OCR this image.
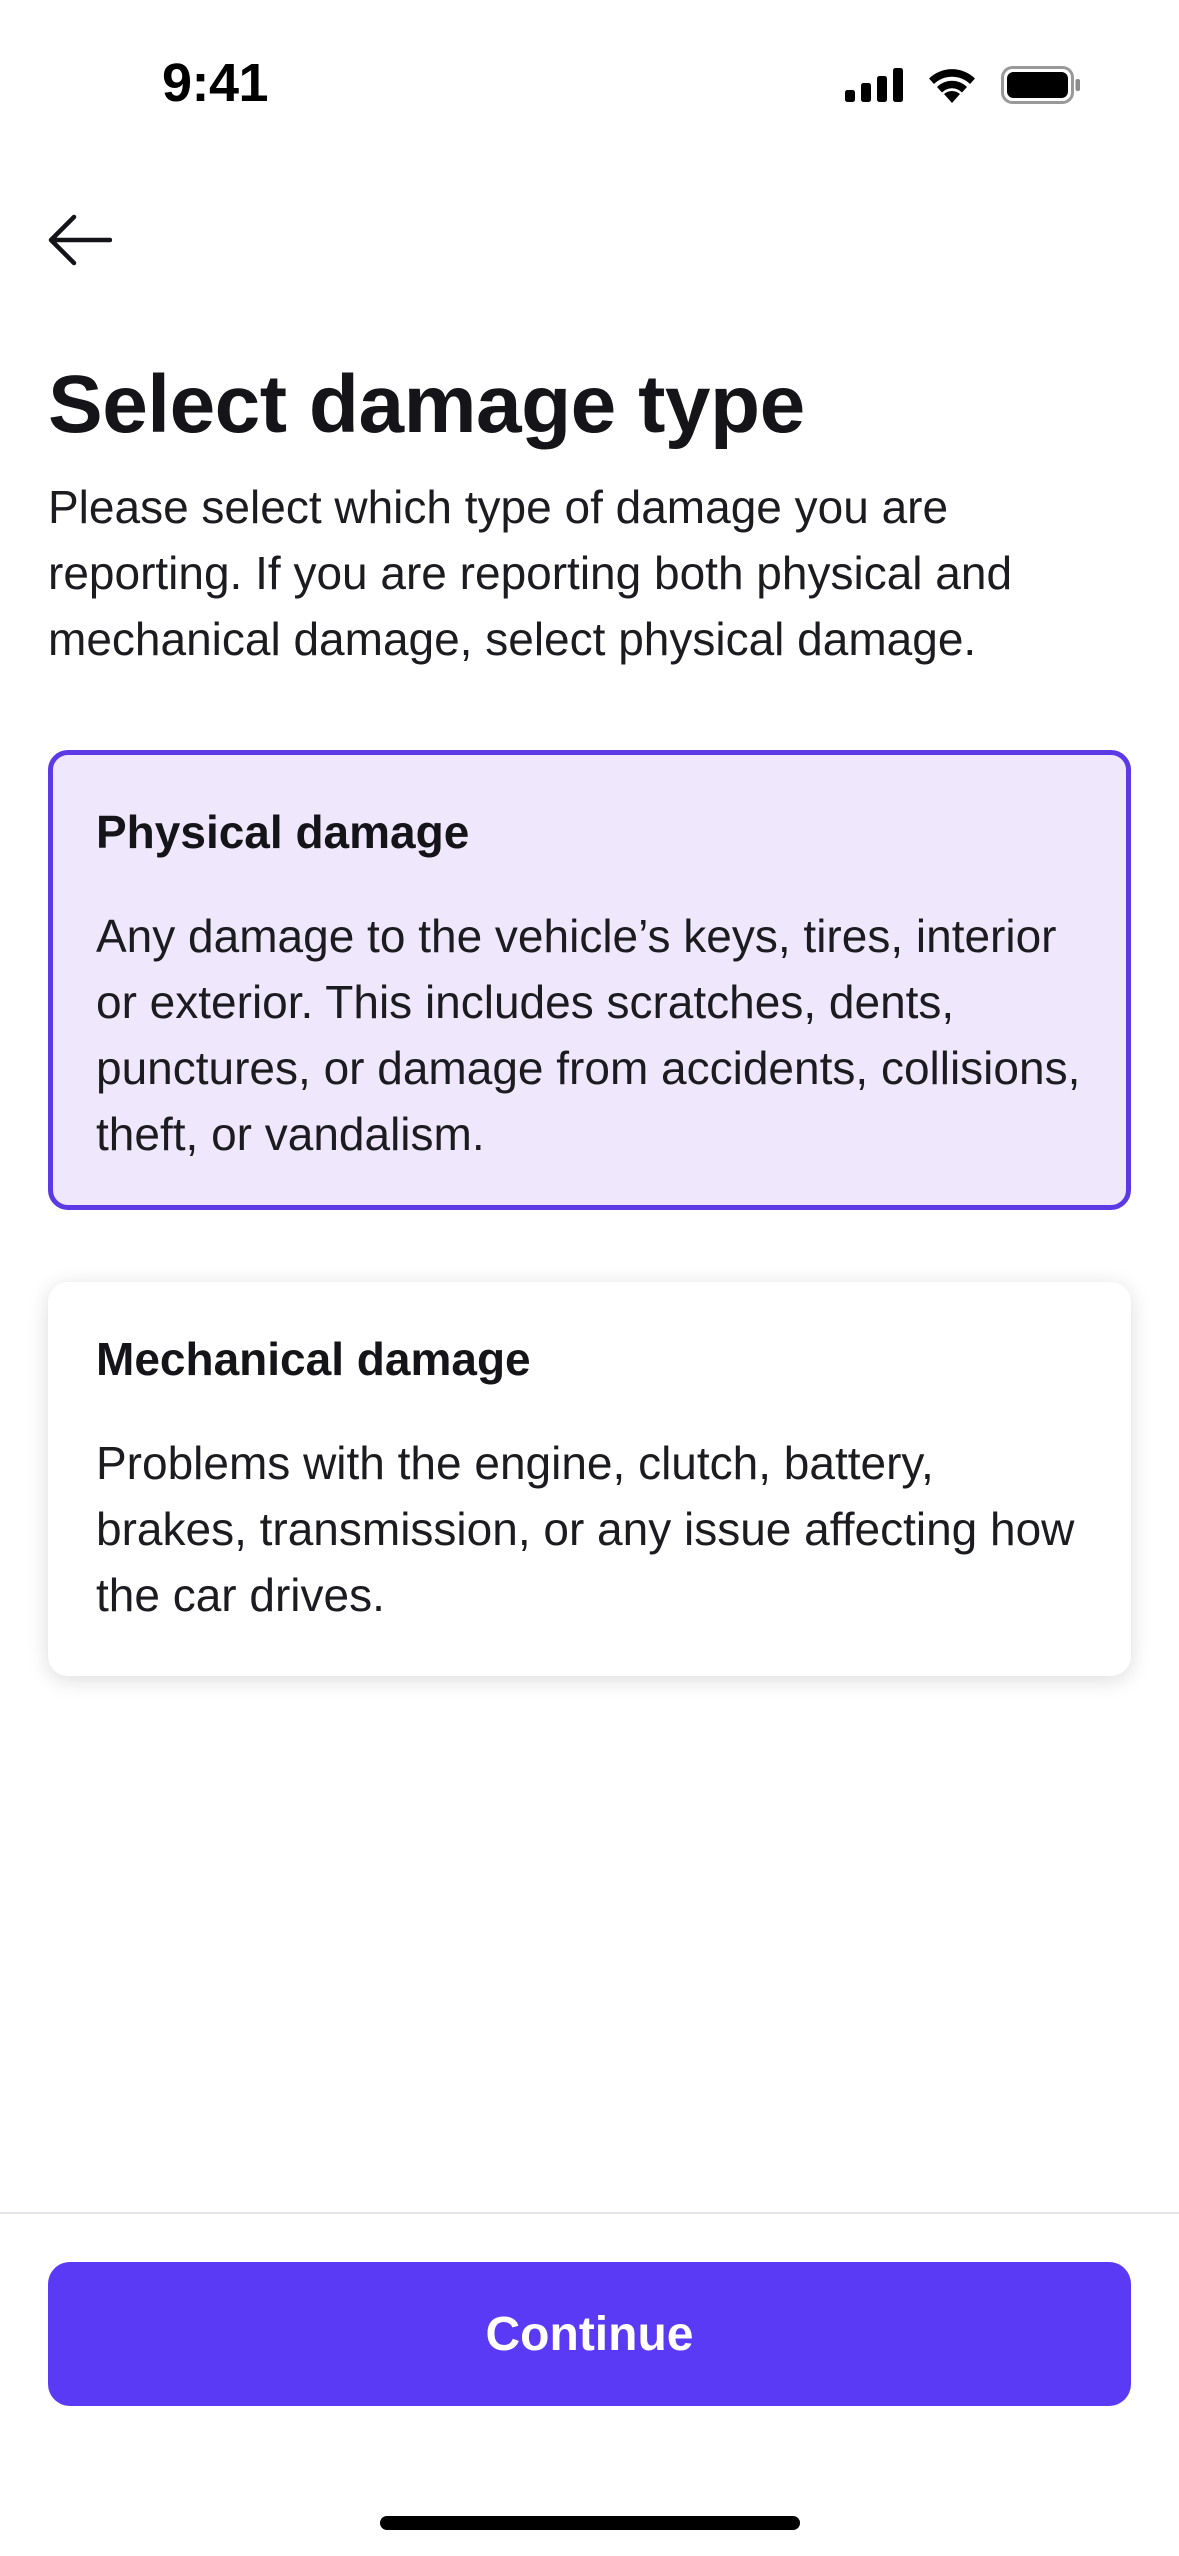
9:41
Select damage type

Please select which type of damage you are reporting. If you are reporting both physical and mechanical damage, select physical damage.

Physical damage

Any damage to the vehicle’s keys, tires, interior or exterior. This includes scratches, dents, punctures, or damage from accidents, collisions, theft, or vandalism.

Mechanical damage

Problems with the engine, clutch, battery, brakes, transmission, or any issue affecting how the car drives.

Continue
